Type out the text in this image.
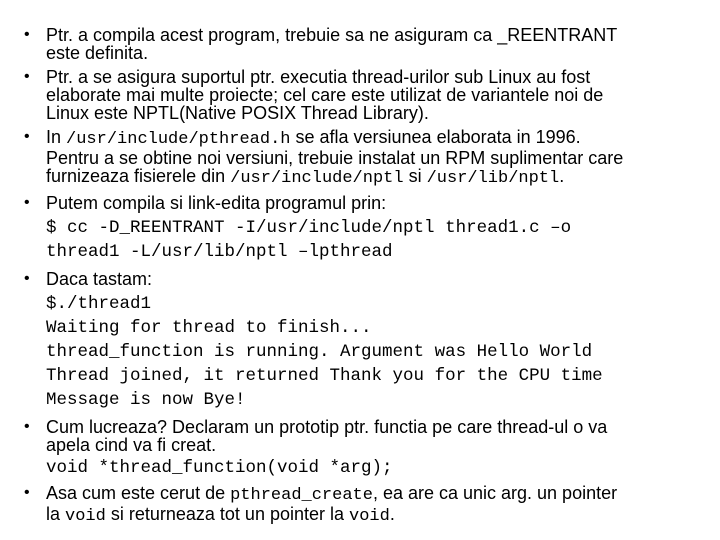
• Ptr. a compila acest program, trebuie sa ne asiguram ca _REENTRANT
este definita.
• Ptr. a se asigura suportul ptr. executia thread-urilor sub Linux au fost
elaborate mai multe proiecte; cel care este utilizat de variantele noi de
Linux este NPTL(Native POSIX Thread Library).
• In /usr/include/pthread.h se afla versiunea elaborata in 1996.
Pentru a se obtine noi versiuni, trebuie instalat un RPM suplimentar care
furnizeaza fisierele din /usr/include/nptl si /usr/lib/nptl.
• Putem compila si link-edita programul prin:
$ cc -D_REENTRANT -I/usr/include/nptl thread1.c –o
thread1 -L/usr/lib/nptl –lpthread
• Daca tastam:
$./thread1
Waiting for thread to finish...
thread_function is running. Argument was Hello World
Thread joined, it returned Thank you for the CPU time
Message is now Bye!
• Cum lucreaza? Declaram un prototip ptr. functia pe care thread-ul o va
apela cind va fi creat.
void *thread_function(void *arg);
• Asa cum este cerut de pthread_create, ea are ca unic arg. un pointer
la void si returneaza tot un pointer la void.
